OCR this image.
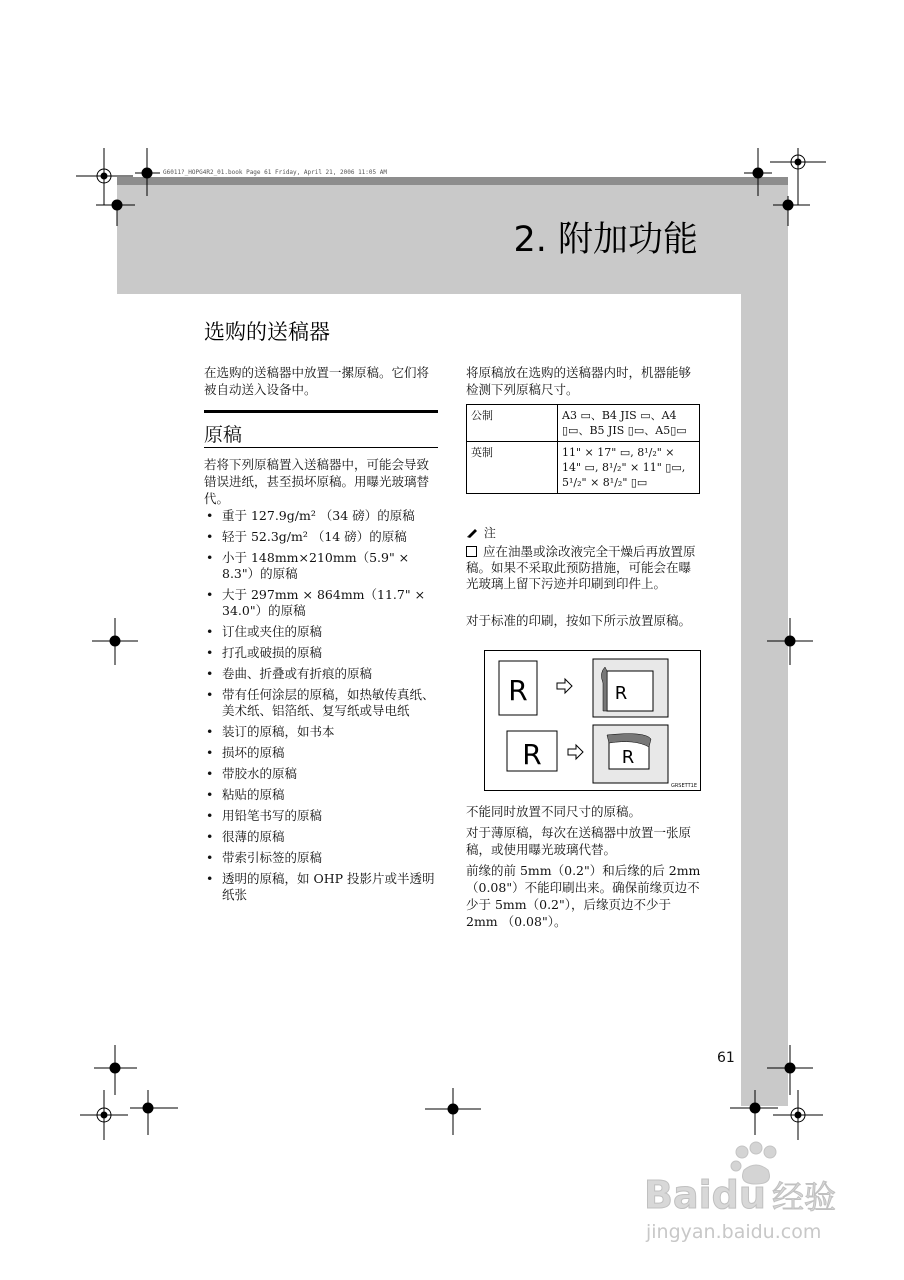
G6011?_HOPG4R2_01.book Page 61 Friday, April 21, 2006 11:05 AM
2. 附加功能
选购的送稿器
在选购的送稿器中放置一摞原稿。它们将被自动送入设备中。
原稿
若将下列原稿置入送稿器中，可能会导致错误进纸，甚至损坏原稿。用曝光玻璃替代。
• 重于 127.9g/m² （34 磅）的原稿
• 轻于 52.3g/m² （14 磅）的原稿
• 小于 148mm×210mm（5.9" × 8.3"）的原稿
• 大于 297mm × 864mm（11.7" × 34.0"）的原稿
• 订住或夹住的原稿
• 打孔或破损的原稿
• 卷曲、折叠或有折痕的原稿
• 带有任何涂层的原稿，如热敏传真纸、美术纸、铝箔纸、复写纸或导电纸
• 装订的原稿，如书本
• 损坏的原稿
• 带胶水的原稿
• 粘贴的原稿
• 用铅笔书写的原稿
• 很薄的原稿
• 带索引标签的原稿
• 透明的原稿，如 OHP 投影片或半透明纸张
将原稿放在选购的送稿器内时，机器能够检测下列原稿尺寸。
公制	A3 ▭、B4 JIS ▭、A4 ▯▭、B5 JIS ▯▭、A5▯▭
英制	11" × 17" ▭, 8¹/₂" × 14" ▭, 8¹/₂" × 11" ▯▭, 5¹/₂" × 8¹/₂" ▯▭
注
应在油墨或涂改液完全干燥后再放置原稿。如果不采取此预防措施，可能会在曝光玻璃上留下污迹并印刷到印件上。
对于标准的印刷，按如下所示放置原稿。
R	R
R	R
GRSETT1E
不能同时放置不同尺寸的原稿。
对于薄原稿，每次在送稿器中放置一张原稿，或使用曝光玻璃代替。
前缘的前 5mm（0.2"）和后缘的后 2mm（0.08"）不能印刷出来。确保前缘页边不少于 5mm（0.2"），后缘页边不少于 2mm （0.08"）。
61
Baidu 经验
jingyan.baidu.com
